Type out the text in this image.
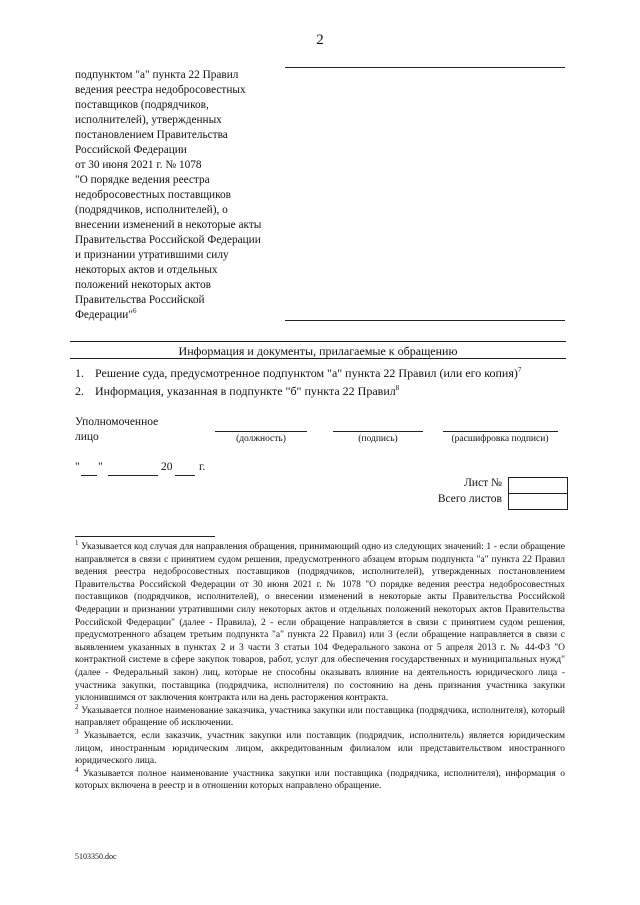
2
подпунктом "а" пункта 22 Правил
ведения реестра недобросовестных
поставщиков (подрядчиков,
исполнителей), утвержденных
постановлением Правительства
Российской Федерации
от 30 июня 2021 г. № 1078
"О порядке ведения реестра
недобросовестных поставщиков
(подрядчиков, исполнителей), о
внесении изменений в некоторые акты
Правительства Российской Федерации
и признании утратившими силу
некоторых актов и отдельных
положений некоторых актов
Правительства Российской
Федерации"$^6$
Информация и документы, прилагаемые к обращению
1. Решение суда, предусмотренное подпунктом "а" пункта 22 Правил (или его копия)$^7$
2. Информация, указанная в подпункте "б" пункта 22 Правил$^8$
Уполномоченное
лицо	(должность)	(подпись)	(расшифровка подписи)
" "	20 г.
Лист №
Всего листов

$^1$ Указывается код случая для направления обращения, принимающий одно из следующих значений: 1 - если обращение направляется в связи с принятием судом решения, предусмотренного абзацем вторым подпункта "а" пункта 22 Правил ведения реестра недобросовестных поставщиков (подрядчиков, исполнителей), утвержденных постановлением Правительства Российской Федерации от 30 июня 2021 г. № 1078 "О порядке ведения реестра недобросовестных поставщиков (подрядчиков, исполнителей), о внесении изменений в некоторые акты Правительства Российской Федерации и признании утратившими силу некоторых актов и отдельных положений некоторых актов Правительства Российской Федерации" (далее - Правила), 2 - если обращение направляется в связи с принятием судом решения, предусмотренного абзацем третьим подпункта "а" пункта 22 Правил) или 3 (если обращение направляется в связи с выявлением указанных в пунктах 2 и 3 части 3 статьи 104 Федерального закона от 5 апреля 2013 г. № 44-ФЗ "О контрактной системе в сфере закупок товаров, работ, услуг для обеспечения государственных и муниципальных нужд" (далее - Федеральный закон) лиц, которые не способны оказывать влияние на деятельность юридического лица - участника закупки, поставщика (подрядчика, исполнителя) по состоянию на день признания участника закупки уклонившимся от заключения контракта или на день расторжения контракта.

$^2$ Указывается полное наименование заказчика, участника закупки или поставщика (подрядчика, исполнителя), который направляет обращение об исключении.

$^3$ Указывается, если заказчик, участник закупки или поставщик (подрядчик, исполнитель) является юридическим лицом, иностранным юридическим лицом, аккредитованным филиалом или представительством иностранного юридического лица.

$^4$ Указывается полное наименование участника закупки или поставщика (подрядчика, исполнителя), информация о которых включена в реестр и в отношении которых направлено обращение.

5103350.doc
